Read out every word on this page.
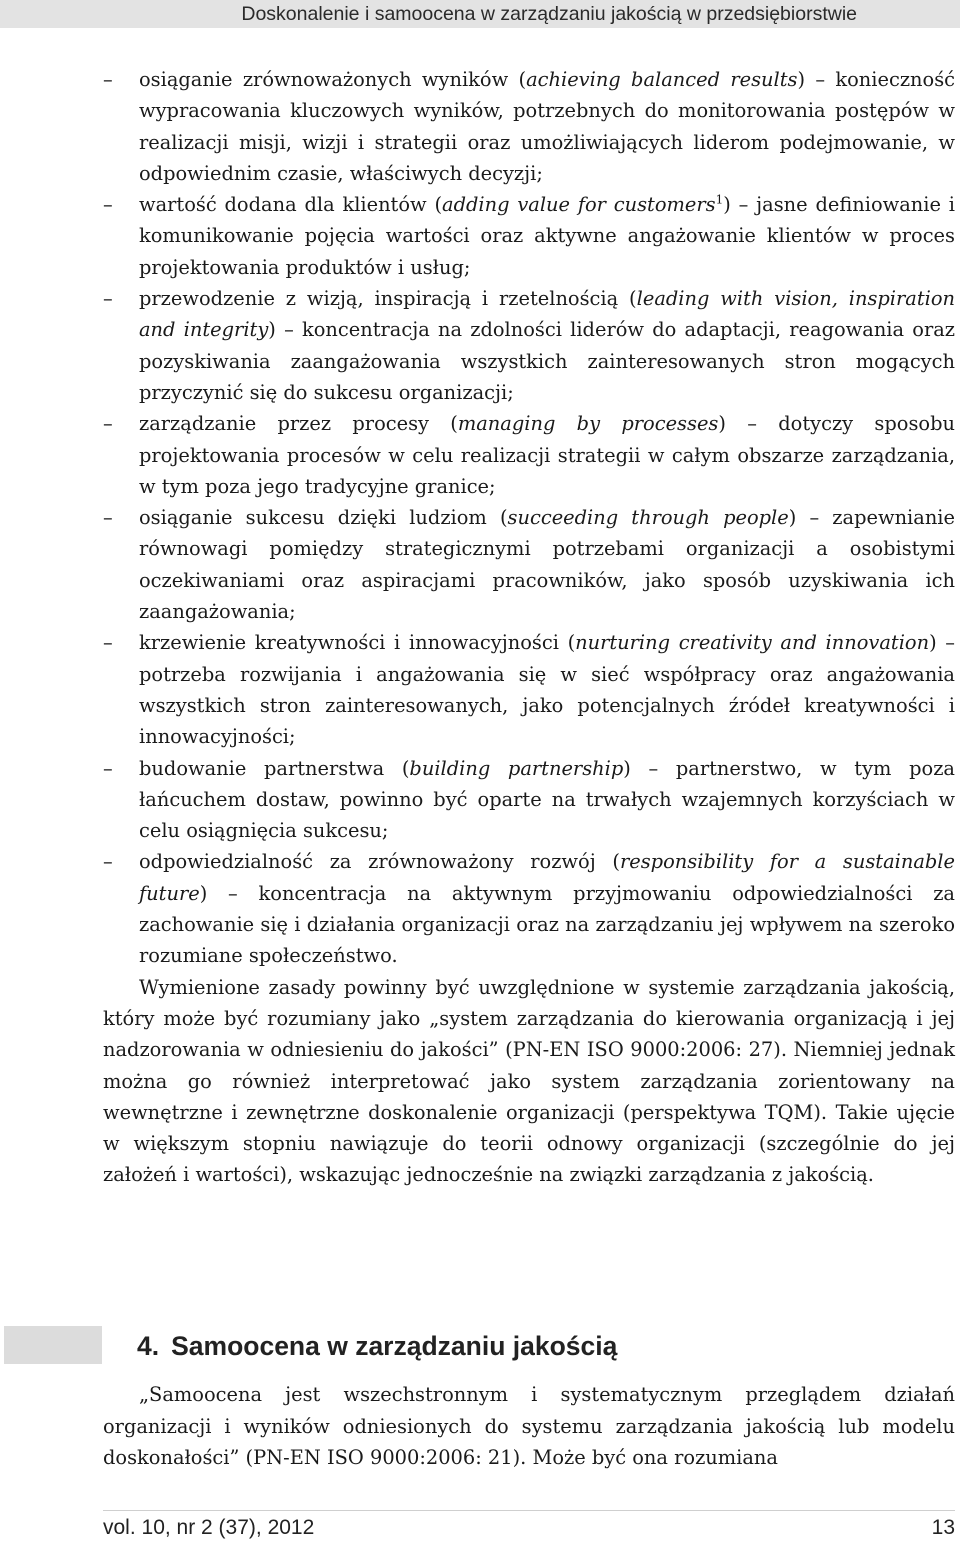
Doskonalenie i samoocena w zarządzaniu jakością w przedsiębiorstwie
– osiąganie zrównoważonych wyników (achieving balanced results) – konieczność wypracowania kluczowych wyników, potrzebnych do monitorowania postępów w realizacji misji, wizji i strategii oraz umożliwiających liderom podejmowanie, w odpowiednim czasie, właściwych decyzji;
– wartość dodana dla klientów (adding value for customers$^1$) – jasne definiowanie i komunikowanie pojęcia wartości oraz aktywne angażowanie klientów w proces projektowania produktów i usług;
– przewodzenie z wizją, inspiracją i rzetelnością (leading with vision, inspiration and integrity) – koncentracja na zdolności liderów do adaptacji, reagowania oraz pozyskiwania zaangażowania wszystkich zainteresowanych stron mogących przyczynić się do sukcesu organizacji;
– zarządzanie przez procesy (managing by processes) – dotyczy sposobu projektowania procesów w celu realizacji strategii w całym obszarze zarządzania, w tym poza jego tradycyjne granice;
– osiąganie sukcesu dzięki ludziom (succeeding through people) – zapewnianie równowagi pomiędzy strategicznymi potrzebami organizacji a osobistymi oczekiwaniami oraz aspiracjami pracowników, jako sposób uzyskiwania ich zaangażowania;
– krzewienie kreatywności i innowacyjności (nurturing creativity and innovation) – potrzeba rozwijania i angażowania się w sieć współpracy oraz angażowania wszystkich stron zainteresowanych, jako potencjalnych źródeł kreatywności i innowacyjności;
– budowanie partnerstwa (building partnership) – partnerstwo, w tym poza łańcuchem dostaw, powinno być oparte na trwałych wzajemnych korzyściach w celu osiągnięcia sukcesu;
– odpowiedzialność za zrównoważony rozwój (responsibility for a sustainable future) – koncentracja na aktywnym przyjmowaniu odpowiedzialności za zachowanie się i działania organizacji oraz na zarządzaniu jej wpływem na szeroko rozumiane społeczeństwo.

Wymienione zasady powinny być uwzględnione w systemie zarządzania jakością, który może być rozumiany jako „system zarządzania do kierowania organizacją i jej nadzorowania w odniesieniu do jakości” (PN-EN ISO 9000:2006: 27). Niemniej jednak można go również interpretować jako system zarządzania zorientowany na wewnętrzne i zewnętrzne doskonalenie organizacji (perspektywa TQM). Takie ujęcie w większym stopniu nawiązuje do teorii odnowy organizacji (szczególnie do jej założeń i wartości), wskazując jednocześnie na związki zarządzania z jakością.

4. Samoocena w zarządzaniu jakością

„Samoocena jest wszechstronnym i systematycznym przeglądem działań organizacji i wyników odniesionych do systemu zarządzania jakością lub modelu doskonałości” (PN-EN ISO 9000:2006: 21). Może być ona rozumiana

vol. 10, nr 2 (37), 2012	13
